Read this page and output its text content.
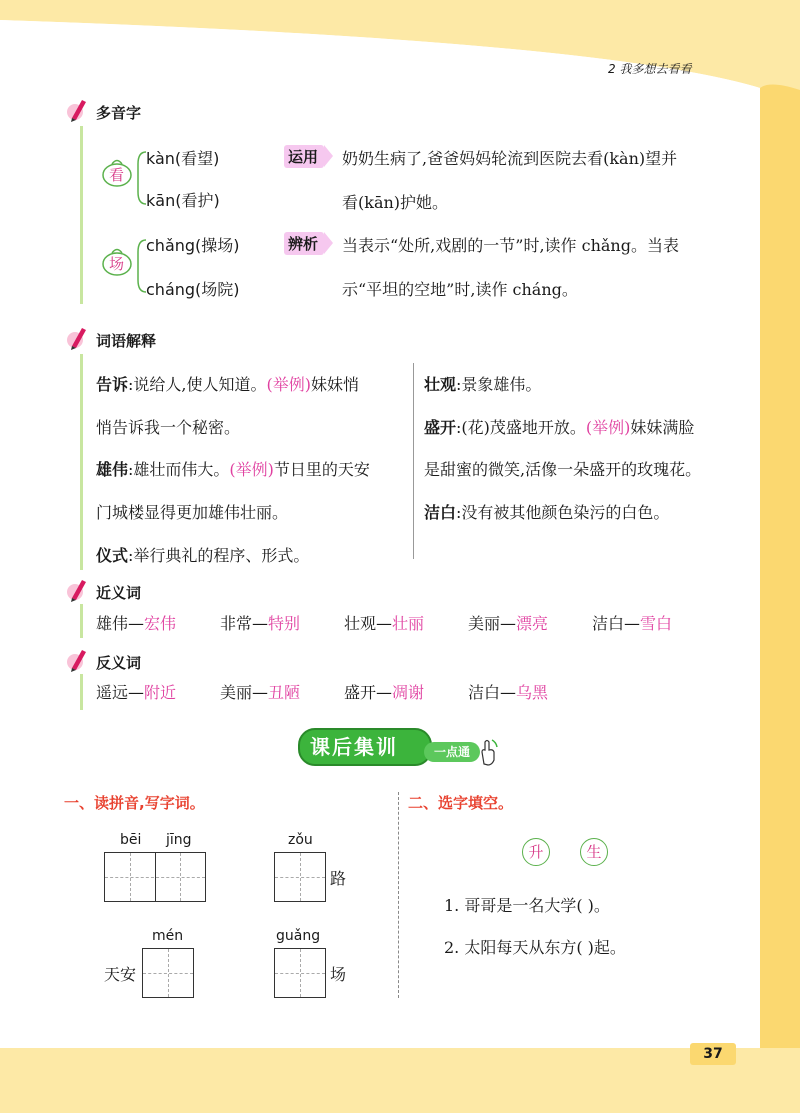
2 我多想去看看
37
多音字
看
kàn(看望)
kān(看护)
运用	奶奶生病了,爸爸妈妈轮流到医院去看(kàn)望并
看(kān)护她。
场
chǎng(操场)
cháng(场院)
辨析	当表示“处所,戏剧的一节”时,读作 chǎng。当表
示“平坦的空地”时,读作 cháng。
词语解释
告诉:说给人,使人知道。(举例)妹妹悄
悄告诉我一个秘密。
雄伟:雄壮而伟大。(举例)节日里的天安
门城楼显得更加雄伟壮丽。
仪式:举行典礼的程序、形式。
壮观:景象雄伟。
盛开:(花)茂盛地开放。(举例)妹妹满脸
是甜蜜的微笑,活像一朵盛开的玫瑰花。
洁白:没有被其他颜色染污的白色。
近义词
雄伟—宏伟	非常—特别	壮观—壮丽	美丽—漂亮	洁白—雪白
反义词
遥远—附近	美丽—丑陋	盛开—凋谢	洁白—乌黑
课后集训	一点通
一、读拼音,写字词。
bēi jīng	zǒu
路
mén
天安
guǎng
场
二、选字填空。
升	生
1. 哥哥是一名大学( )。
2. 太阳每天从东方( )起。
